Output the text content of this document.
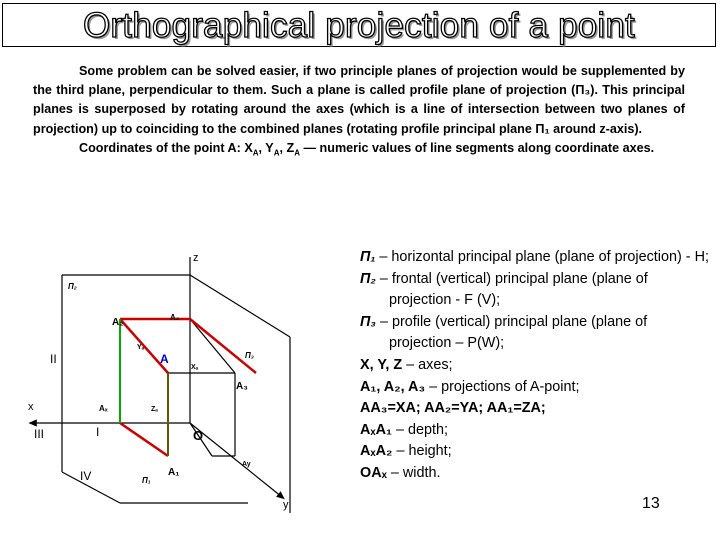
Orthographical projection of a point

Some problem can be solved easier, if two principle planes of projection would be supplemented by the third plane, perpendicular to them. Such a plane is called profile plane of projection (Π₃). This principal planes is superposed by rotating around the axes (which is a line of intersection between two planes of projection) up to coinciding to the combined planes (rotating profile principal plane Π₁ around z-axis).

Coordinates of the point A: $X_A$, $Y_A$, $Z_A$ — numeric values of line segments along coordinate axes.

z
x
y
O
Π₂
Π₃
Π₁
II
III	I
IV
A₂	A₂
Yₐ
A
Xₐ
A₃
Aₓ	Zₐ
Ay
A₁
П₁ – horizontal principal plane (plane of projection) - H;
П₂ – frontal (vertical) principal plane (plane of projection - F (V);
П₃ – profile (vertical) principal plane (plane of projection – P(W);
X, Y, Z – axes;
A₁, A₂, A₃ – projections of A-point;
AA₃=XA; AA₂=YA; AA₁=ZA;
AₓA₁ – depth;
AₓA₂ – height;
OAₓ – width.
13
